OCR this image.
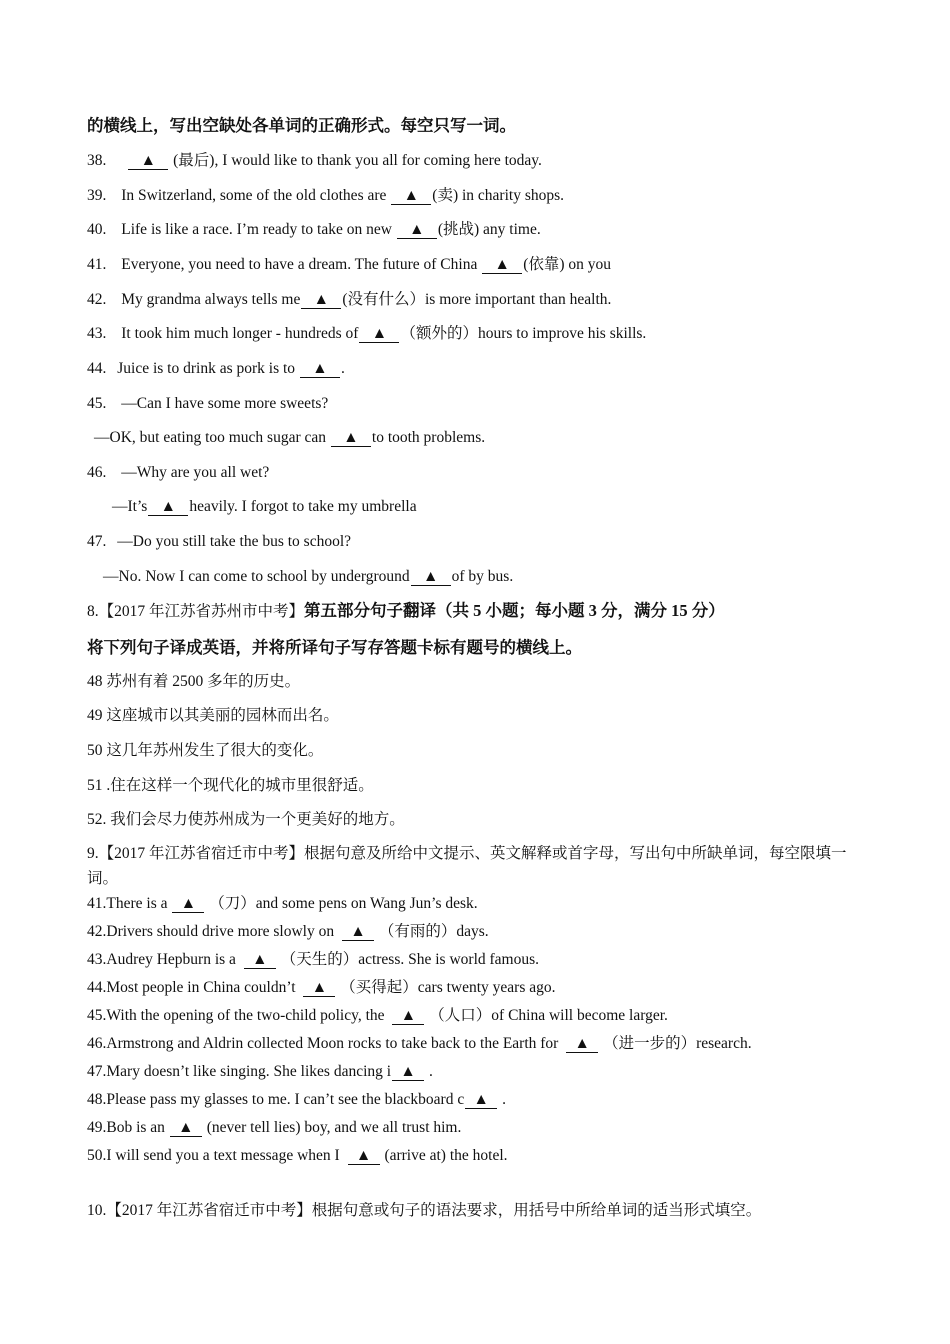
的横线上，写出空缺处各单词的正确形式。每空只写一词。
38. ▲ (最后), I would like to thank you all for coming here today.
39. In Switzerland, some of the old clothes are ▲ (卖) in charity shops.
40. Life is like a race. I’m ready to take on new ▲ (挑战) any time.
41. Everyone, you need to have a dream. The future of China ▲ (依靠) on you
42. My grandma always tells me ▲ (没有什么）is more important than health.
43. It took him much longer - hundreds of ▲ （额外的）hours to improve his skills.
44. Juice is to drink as pork is to ▲ .
45. —Can I have some more sweets?
—OK, but eating too much sugar can ▲ to tooth problems.
46. —Why are you all wet?
—It’s ▲ heavily. I forgot to take my umbrella
47. —Do you still take the bus to school?
—No. Now I can come to school by underground ▲ of by bus.
8.【2017 年江苏省苏州市中考】第五部分句子翻译（共 5 小题；每小题 3 分，满分 15 分）
将下列句子译成英语，并将所译句子写存答题卡标有题号的横线上。
48 苏州有着 2500 多年的历史。
49 这座城市以其美丽的园林而出名。
50 这几年苏州发生了很大的变化。
51 .住在这样一个现代化的城市里很舒适。
52. 我们会尽力使苏州成为一个更美好的地方。
9.【2017 年江苏省宿迁市中考】根据句意及所给中文提示、英文解释或首字母，写出句中所缺单词，每空限填一词。
41.There is a ▲ （刀）and some pens on Wang Jun’s desk.
42.Drivers should drive more slowly on ▲ （有雨的）days.
43.Audrey Hepburn is a ▲ （天生的）actress. She is world famous.
44.Most people in China couldn’t ▲ （买得起）cars twenty years ago.
45.With the opening of the two-child policy, the ▲ （人口）of China will become larger.
46.Armstrong and Aldrin collected Moon rocks to take back to the Earth for ▲ （进一步的）research.
47.Mary doesn’t like singing. She likes dancing i ▲ .
48.Please pass my glasses to me. I can’t see the blackboard c ▲ .
49.Bob is an ▲ (never tell lies) boy, and we all trust him.
50.I will send you a text message when I ▲ (arrive at) the hotel.
10.【2017 年江苏省宿迁市中考】根据句意或句子的语法要求，用括号中所给单词的适当形式填空。
